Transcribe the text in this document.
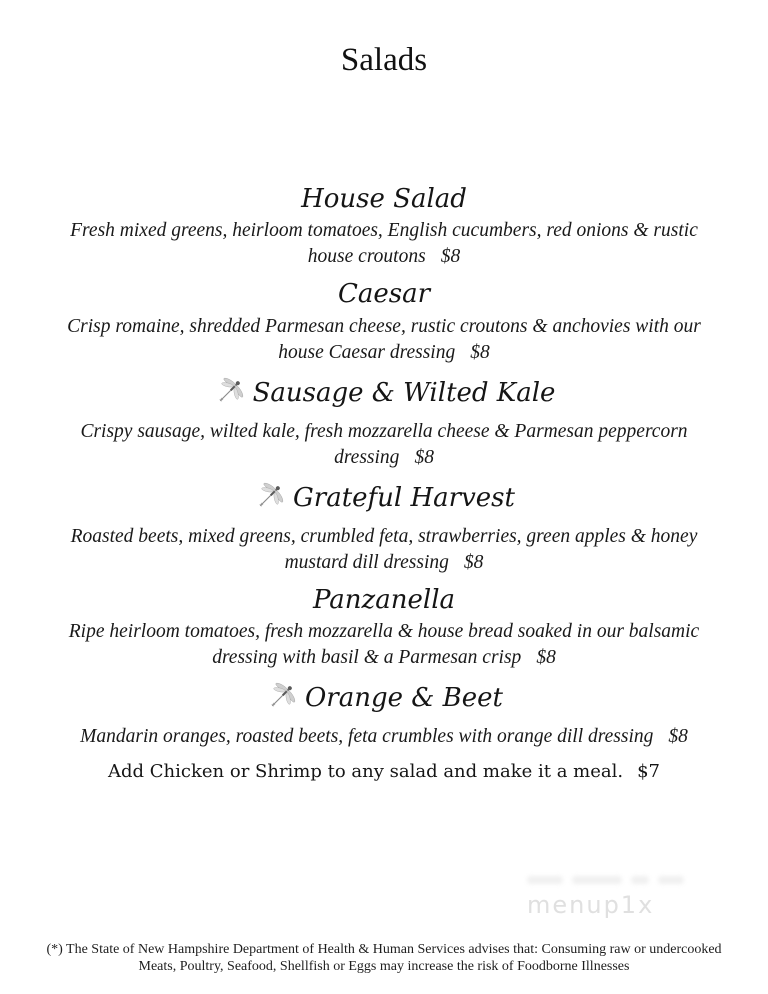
Salads
House Salad

Fresh mixed greens, heirloom tomatoes, English cucumbers, red onions & rustic

house croutons $8

Caesar

Crisp romaine, shredded Parmesan cheese, rustic croutons & anchovies with our

house Caesar dressing $8

Sausage & Wilted Kale

Crispy sausage, wilted kale, fresh mozzarella cheese & Parmesan peppercorn

dressing $8

Grateful Harvest

Roasted beets, mixed greens, crumbled feta, strawberries, green apples & honey

mustard dill dressing $8

Panzanella

Ripe heirloom tomatoes, fresh mozzarella & house bread soaked in our balsamic

dressing with basil & a Parmesan crisp $8

Orange & Beet

Mandarin oranges, roasted beets, feta crumbles with orange dill dressing $8

Add Chicken or Shrimp to any salad and make it a meal. $7

menup1x

(*) The State of New Hampshire Department of Health & Human Services advises that: Consuming raw or undercooked

Meats, Poultry, Seafood, Shellfish or Eggs may increase the risk of Foodborne Illnesses
